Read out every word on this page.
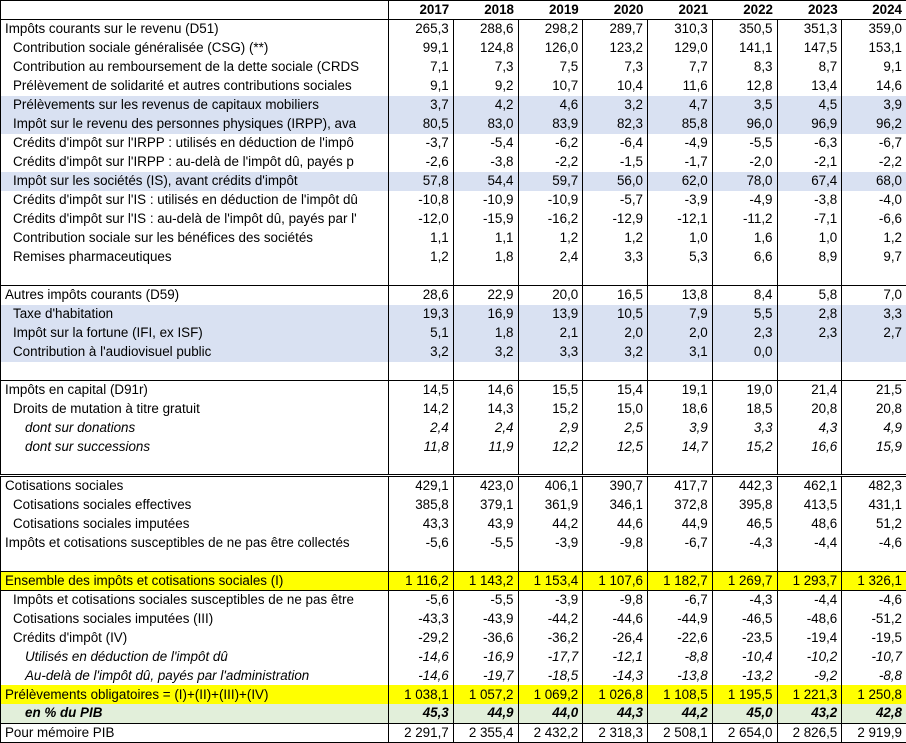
	2017	2018	2019	2020	2021	2022	2023	2024
Impôts courants sur le revenu (D51)	265,3	288,6	298,2	289,7	310,3	350,5	351,3	359,0
Contribution sociale généralisée (CSG) (**)	99,1	124,8	126,0	123,2	129,0	141,1	147,5	153,1
Contribution au remboursement de la dette sociale (CRDS	7,1	7,3	7,5	7,3	7,7	8,3	8,7	9,1
Prélèvement de solidarité et autres contributions sociales	9,1	9,2	10,7	10,4	11,6	12,8	13,4	14,6
Prélèvements sur les revenus de capitaux mobiliers	3,7	4,2	4,6	3,2	4,7	3,5	4,5	3,9
Impôt sur le revenu des personnes physiques (IRPP), ava	80,5	83,0	83,9	82,3	85,8	96,0	96,9	96,2
Crédits d'impôt sur l'IRPP : utilisés en déduction de l'impô	-3,7	-5,4	-6,2	-6,4	-4,9	-5,5	-6,3	-6,7
Crédits d'impôt sur l'IRPP : au-delà de l'impôt dû, payés p	-2,6	-3,8	-2,2	-1,5	-1,7	-2,0	-2,1	-2,2
Impôt sur les sociétés (IS), avant crédits d'impôt	57,8	54,4	59,7	56,0	62,0	78,0	67,4	68,0
Crédits d'impôt sur l'IS : utilisés en déduction de l'impôt dû	-10,8	-10,9	-10,9	-5,7	-3,9	-4,9	-3,8	-4,0
Crédits d'impôt sur l'IS : au-delà de l'impôt dû, payés par l'	-12,0	-15,9	-16,2	-12,9	-12,1	-11,2	-7,1	-6,6
Contribution sociale sur les bénéfices des sociétés	1,1	1,1	1,2	1,2	1,0	1,6	1,0	1,2
Remises pharmaceutiques	1,2	1,8	2,4	3,3	5,3	6,6	8,9	9,7

Autres impôts courants (D59)	28,6	22,9	20,0	16,5	13,8	8,4	5,8	7,0
Taxe d'habitation	19,3	16,9	13,9	10,5	7,9	5,5	2,8	3,3
Impôt sur la fortune (IFI, ex ISF)	5,1	1,8	2,1	2,0	2,0	2,3	2,3	2,7
Contribution à l'audiovisuel public	3,2	3,2	3,3	3,2	3,1	0,0		

Impôts en capital (D91r)	14,5	14,6	15,5	15,4	19,1	19,0	21,4	21,5
Droits de mutation à titre gratuit	14,2	14,3	15,2	15,0	18,6	18,5	20,8	20,8
dont sur donations	2,4	2,4	2,9	2,5	3,9	3,3	4,3	4,9
dont sur successions	11,8	11,9	12,2	12,5	14,7	15,2	16,6	15,9

Cotisations sociales	429,1	423,0	406,1	390,7	417,7	442,3	462,1	482,3
Cotisations sociales effectives	385,8	379,1	361,9	346,1	372,8	395,8	413,5	431,1
Cotisations sociales imputées	43,3	43,9	44,2	44,6	44,9	46,5	48,6	51,2
Impôts et cotisations susceptibles de ne pas être collectés	-5,6	-5,5	-3,9	-9,8	-6,7	-4,3	-4,4	-4,6

Ensemble des impôts et cotisations sociales (I)	1 116,2	1 143,2	1 153,4	1 107,6	1 182,7	1 269,7	1 293,7	1 326,1
Impôts et cotisations sociales susceptibles de ne pas être	-5,6	-5,5	-3,9	-9,8	-6,7	-4,3	-4,4	-4,6
Cotisations sociales imputées (III)	-43,3	-43,9	-44,2	-44,6	-44,9	-46,5	-48,6	-51,2
Crédits d'impôt (IV)	-29,2	-36,6	-36,2	-26,4	-22,6	-23,5	-19,4	-19,5
Utilisés en déduction de l'impôt dû	-14,6	-16,9	-17,7	-12,1	-8,8	-10,4	-10,2	-10,7
Au-delà de l'impôt dû, payés par l'administration	-14,6	-19,7	-18,5	-14,3	-13,8	-13,2	-9,2	-8,8
Prélèvements obligatoires = (I)+(II)+(III)+(IV)	1 038,1	1 057,2	1 069,2	1 026,8	1 108,5	1 195,5	1 221,3	1 250,8
en % du PIB	45,3	44,9	44,0	44,3	44,2	45,0	43,2	42,8
Pour mémoire PIB	2 291,7	2 355,4	2 432,2	2 318,3	2 508,1	2 654,0	2 826,5	2 919,9
